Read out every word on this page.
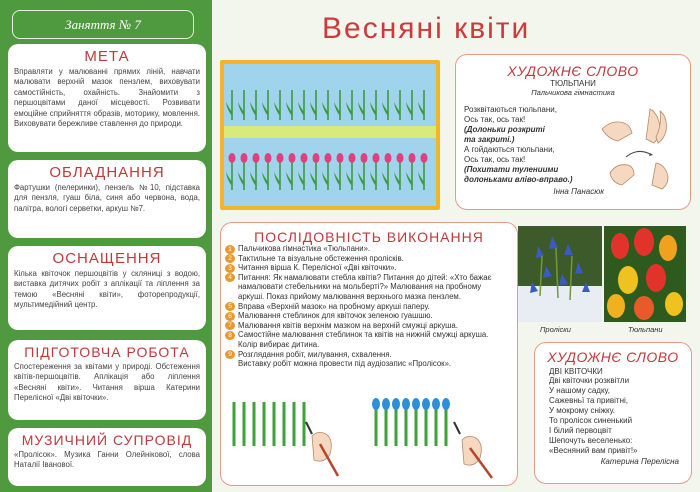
Заняття № 7
МЕТА

Вправляти у малюванні прямих ліній, навчати малювати верхній мазок пензлем, виховувати самостійність, охайність. Знайомити з першоцвітами даної місцевості. Розвивати емоційне сприйняття образів, моторику, мовлення. Виховувати бережливе ставлення до природи.

ОБЛАДНАННЯ

Фартушки (пелеринки), пензель №10, підставка для пензля, гуаш біла, синя або червона, вода, палітра, вологі серветки, аркуш №7.

ОСНАЩЕННЯ

Кілька квіточок першоцвітів у скляниці з водою, виставка дитячих робіт з аплікації та ліплення за темою «Весняні квіти», фоторепродукції, мультимедійний центр.

ПІДГОТОВЧА РОБОТА

Спостереження за квітами у природі. Обстеження квітів-першоцвітів. Аплікація або ліплення «Весняні квіти». Читання вірша Катерини Перелісної «Дві квіточки».

МУЗИЧНИЙ СУПРОВІД

«Пролісок». Музика Ганни Олейнікової, слова Наталії Іванової.

Весняні квіти
ХУДОЖНЄ СЛОВО
ТЮЛЬПАНИ
Пальчикова гімнастика
Розквітаються тюльпани,
Ось так, ось так!
(Долоньки розкриті
та закриті.)
А гойдаються тюльпани,
Ось так, ось так!
(Похитати тулениими
долоньками вліво-вправо.)
Інна Панасюк
ПОСЛІДОВНІСТЬ ВИКОНАННЯ
1 Пальчикова гімнастика «Тюльпани».
2 Тактильне та візуальне обстеження пролісків.
3 Читання вірша К. Перелісної «Дві квіточки».
4 Питання: Як намалювати стебла квітів? Питання до дітей: «Хто бажає
намалювати стебельники на мольберті?» Малювання на пробному
аркуші. Показ прийому малювання верхнього мазка пензлем.
5 Вправа «Верхній мазок» на пробному аркуші паперу.
6 Малювання стеблинок для квіточок зеленою гуашшю.
7 Малювання квітів верхнім мазком на верхній смужці аркуша.
8 Самостійне малювання стеблинок та квітів на нижній смужці аркуша.
Колір вибирає дитина.
9 Розглядання робіт, милування, схвалення.
Виставку робіт можна провести під аудіозапис «Пролісок».
Проліски	Тюльпани
ХУДОЖНЄ СЛОВО
ДВІ КВІТОЧКИ
Дві квіточки розквітли
У нашому садку,
Сажевньї та привітні,
У мокрому сніжку.
То пролісок синенький
І білий первоцвіт
Шепочуть веселенько:
«Весняний вам привіт!»
Катерина Перелісна
